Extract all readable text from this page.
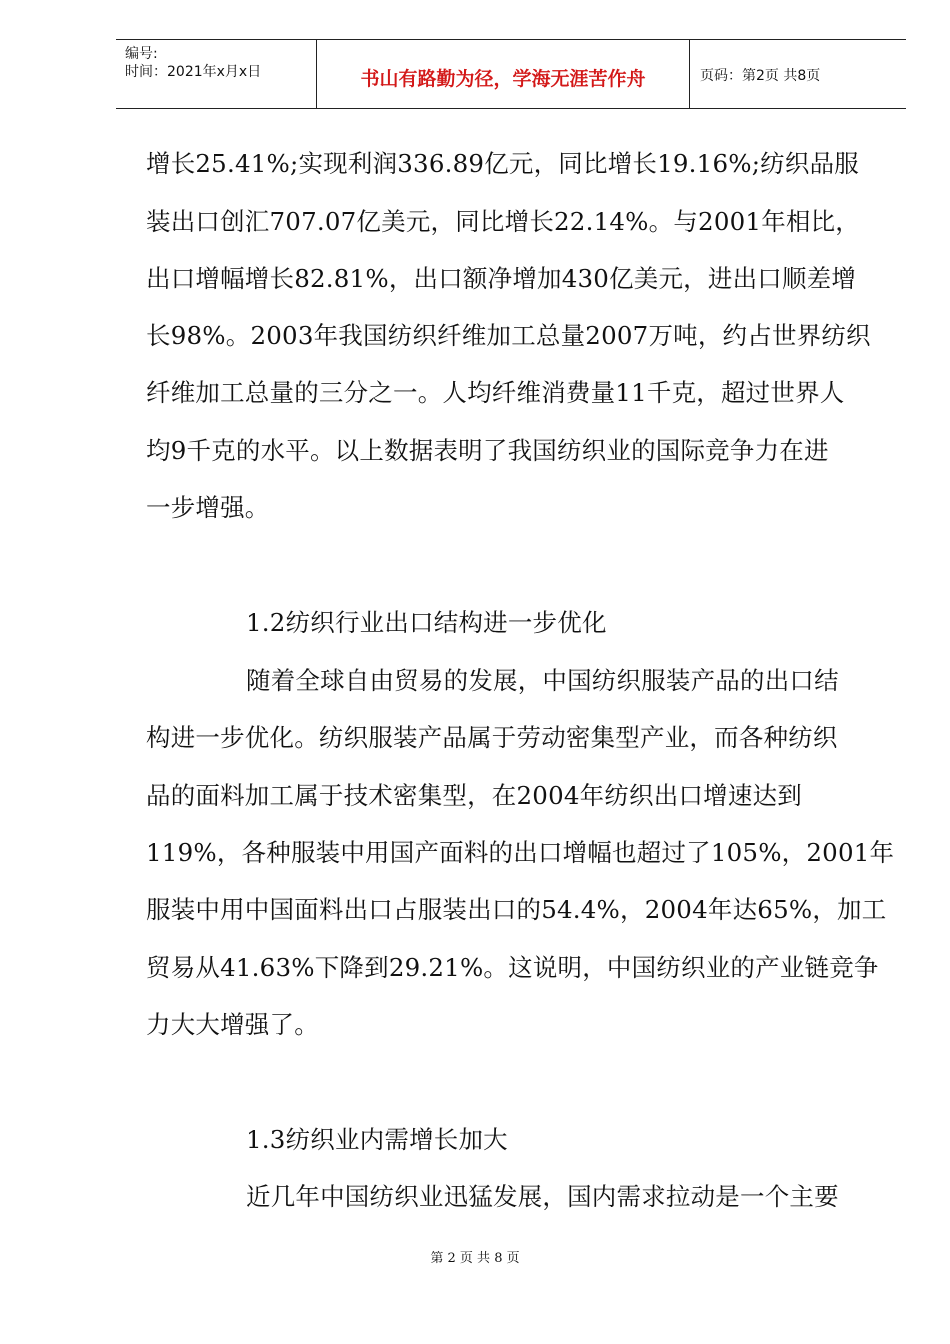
编号:
时间：2021年x月x日	书山有路勤为径，学海无涯苦作舟	页码：第2页 共8页
增长25.41%;实现利润336.89亿元，同比增长19.16%;纺织品服
装出口创汇707.07亿美元，同比增长22.14%。与2001年相比，
出口增幅增长82.81%，出口额净增加430亿美元，进出口顺差增
长98%。2003年我国纺织纤维加工总量2007万吨，约占世界纺织
纤维加工总量的三分之一。人均纤维消费量11千克，超过世界人
均9千克的水平。以上数据表明了我国纺织业的国际竞争力在进
一步增强。
1.2纺织行业出口结构进一步优化
随着全球自由贸易的发展，中国纺织服装产品的出口结
构进一步优化。纺织服装产品属于劳动密集型产业，而各种纺织
品的面料加工属于技术密集型，在2004年纺织出口增速达到
119%，各种服装中用国产面料的出口增幅也超过了105%，2001年
服装中用中国面料出口占服装出口的54.4%，2004年达65%，加工
贸易从41.63%下降到29.21%。这说明，中国纺织业的产业链竞争
力大大增强了。
1.3纺织业内需增长加大
近几年中国纺织业迅猛发展，国内需求拉动是一个主要
第 2 页 共 8 页
